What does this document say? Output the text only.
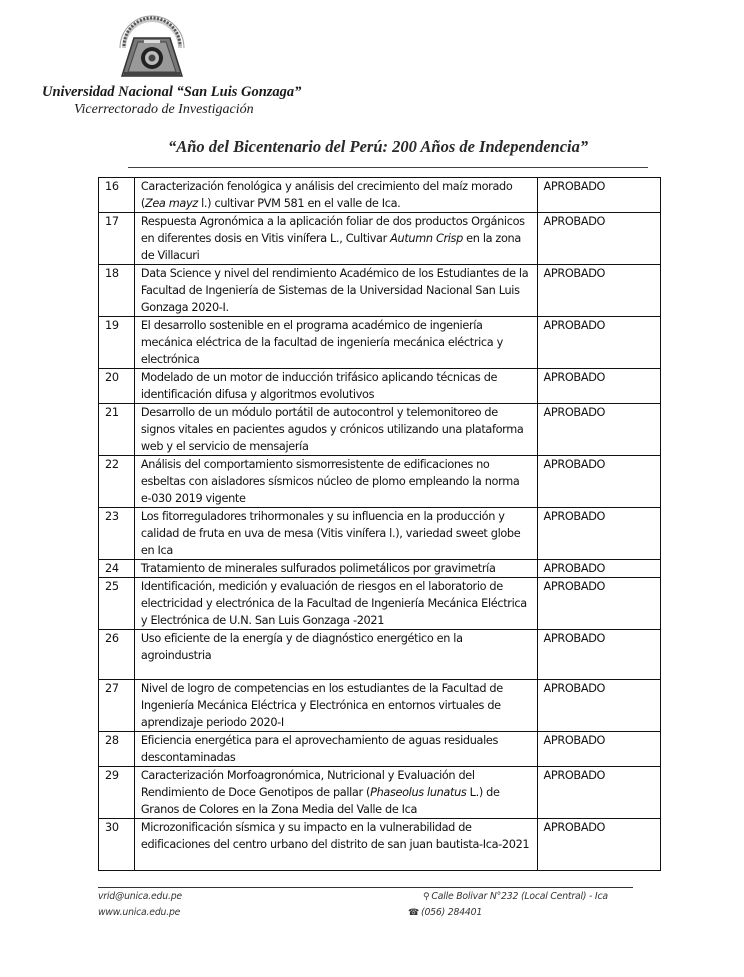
Universidad Nacional “San Luis Gonzaga”
Vicerrectorado de Investigación
“Año del Bicentenario del Perú: 200 Años de Independencia”
16	Caracterización fenológica y análisis del crecimiento del maíz morado (Zea mayz l.) cultivar PVM 581 en el valle de Ica.	APROBADO
17	Respuesta Agronómica a la aplicación foliar de dos productos Orgánicos en diferentes dosis en Vitis vinífera L., Cultivar Autumn Crisp en la zona de Villacuri	APROBADO
18	Data Science y nivel del rendimiento Académico de los Estudiantes de la Facultad de Ingeniería de Sistemas de la Universidad Nacional San Luis Gonzaga 2020-I.	APROBADO
19	El desarrollo sostenible en el programa académico de ingeniería mecánica eléctrica de la facultad de ingeniería mecánica eléctrica y electrónica	APROBADO
20	Modelado de un motor de inducción trifásico aplicando técnicas de identificación difusa y algoritmos evolutivos	APROBADO
21	Desarrollo de un módulo portátil de autocontrol y telemonitoreo de signos vitales en pacientes agudos y crónicos utilizando una plataforma web y el servicio de mensajería	APROBADO
22	Análisis del comportamiento sismorresistente de edificaciones no esbeltas con aisladores sísmicos núcleo de plomo empleando la norma e-030 2019 vigente	APROBADO
23	Los fitorreguladores trihormonales y su influencia en la producción y calidad de fruta en uva de mesa (Vitis vinífera l.), variedad sweet globe en Ica	APROBADO
24	Tratamiento de minerales sulfurados polimetálicos por gravimetría	APROBADO
25	Identificación, medición y evaluación de riesgos en el laboratorio de electricidad y electrónica de la Facultad de Ingeniería Mecánica Eléctrica y Electrónica de U.N. San Luis Gonzaga -2021	APROBADO
26	Uso eficiente de la energía y de diagnóstico energético en la agroindustria	APROBADO
27	Nivel de logro de competencias en los estudiantes de la Facultad de Ingeniería Mecánica Eléctrica y Electrónica en entornos virtuales de aprendizaje periodo 2020-I	APROBADO
28	Eficiencia energética para el aprovechamiento de aguas residuales descontaminadas	APROBADO
29	Caracterización Morfoagronómica, Nutricional y Evaluación del Rendimiento de Doce Genotipos de pallar (Phaseolus lunatus L.) de Granos de Colores en la Zona Media del Valle de Ica	APROBADO
30	Microzonificación sísmica y su impacto en la vulnerabilidad de edificaciones del centro urbano del distrito de san juan bautista-Ica-2021	APROBADO
vrid@unica.edu.pe
www.unica.edu.pe
⚲ Calle Bolivar N°232 (Local Central) - Ica
☎ (056) 284401
